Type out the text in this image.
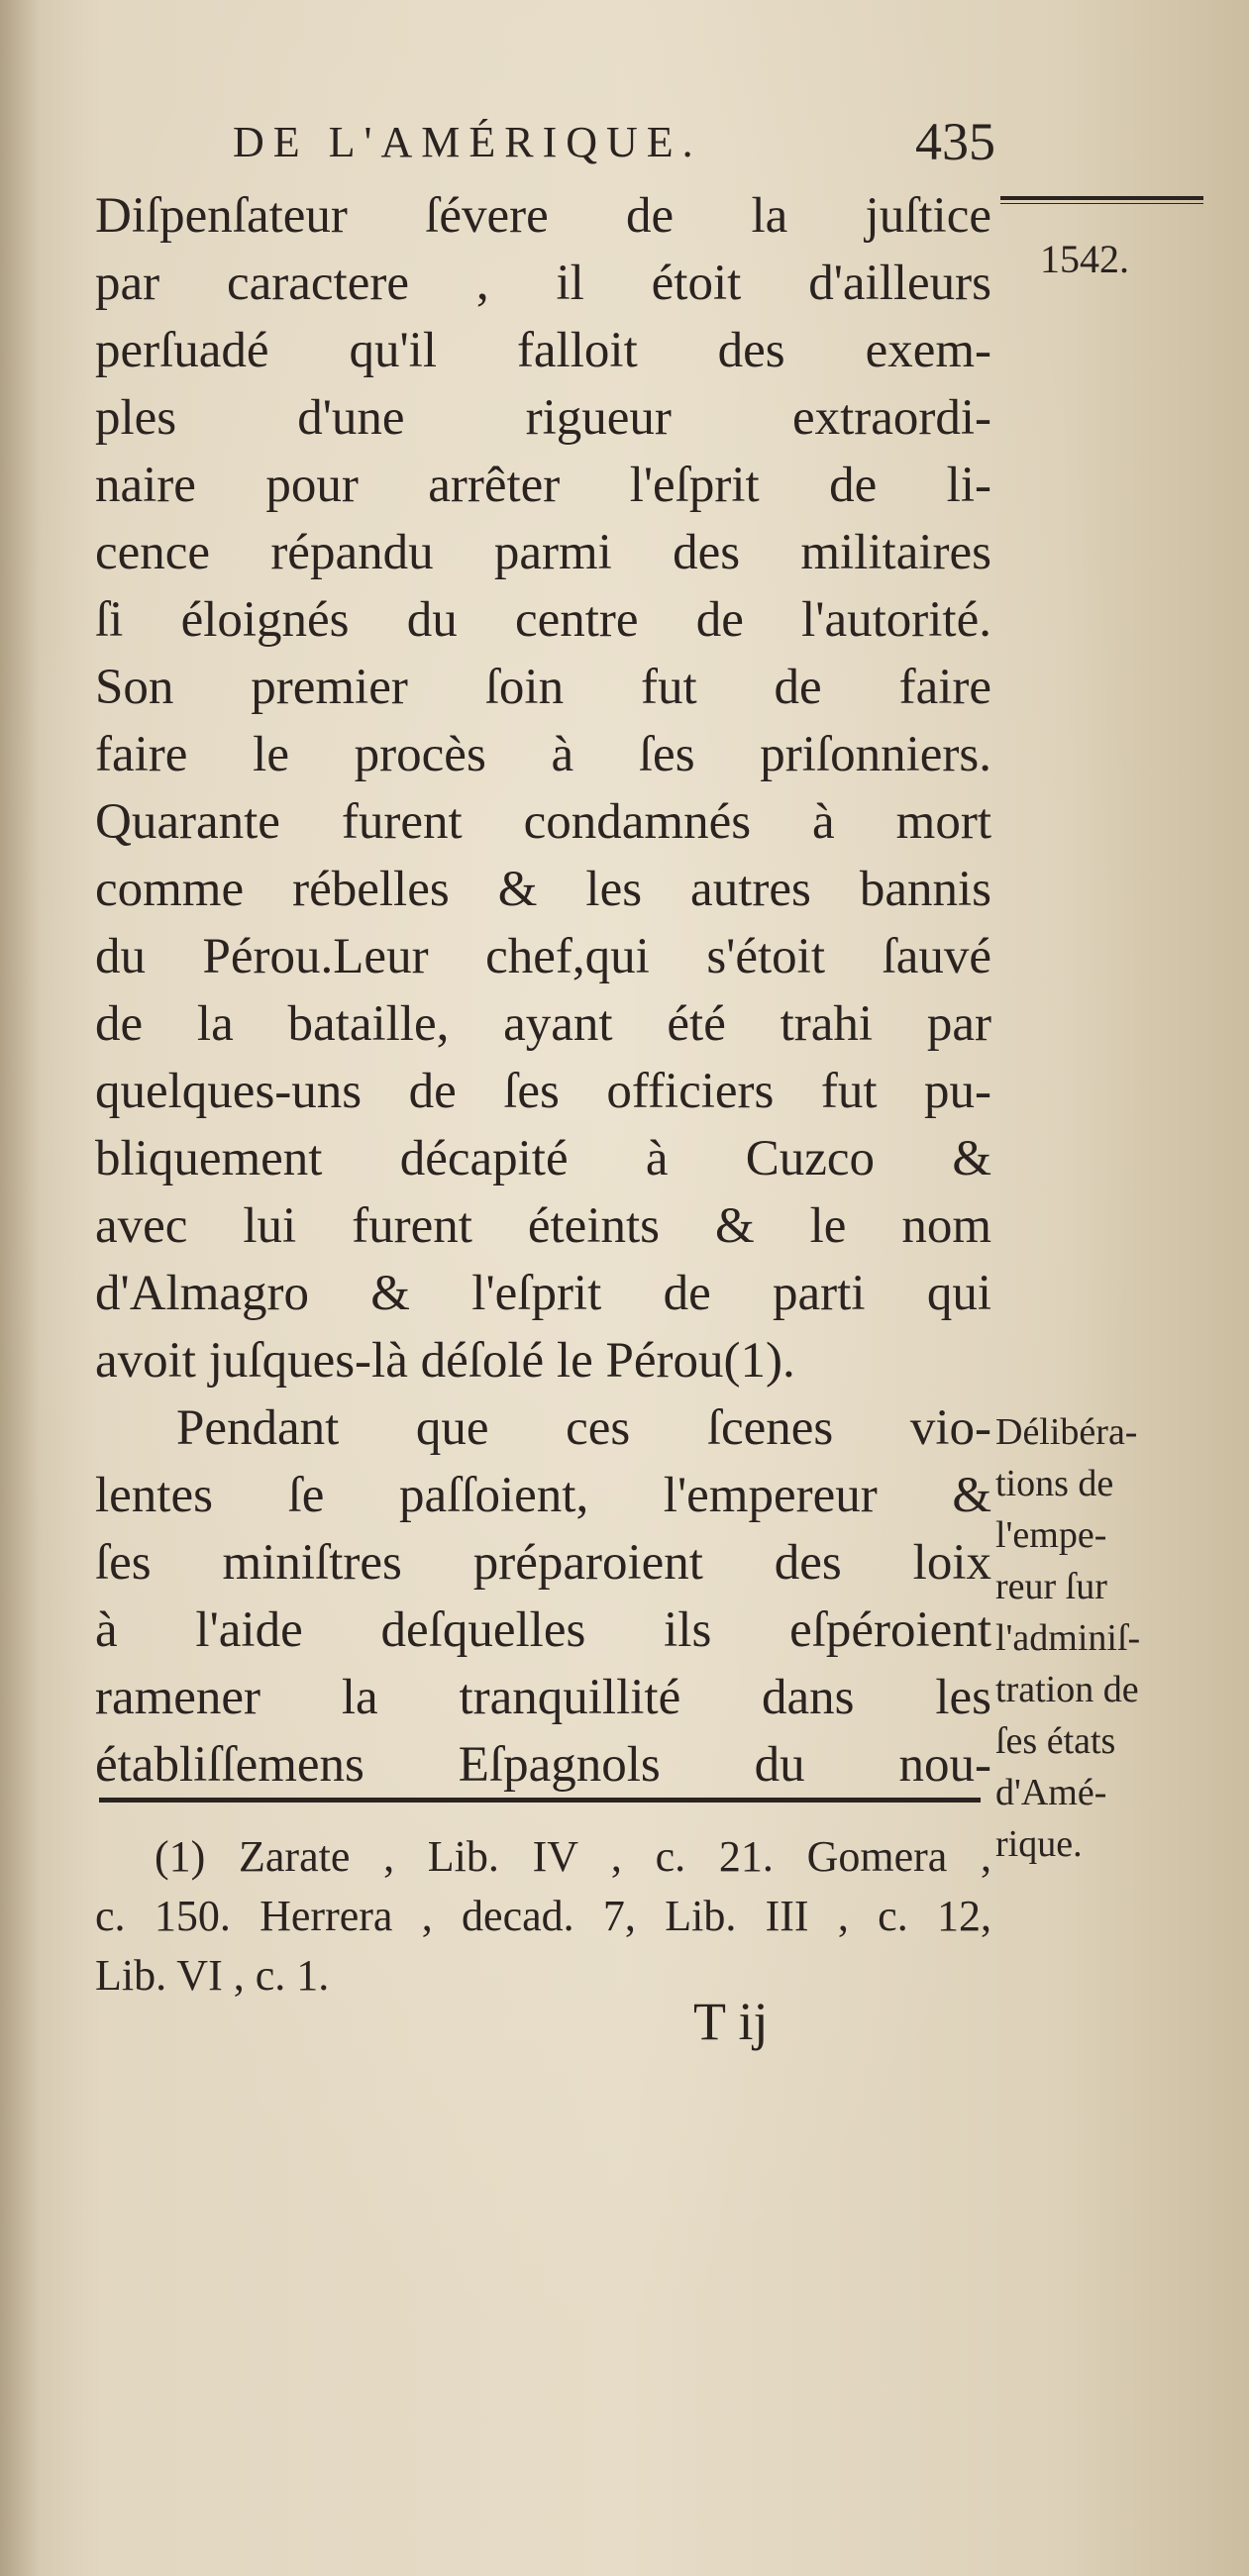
DE L'AMÉRIQUE.	435
1542.
Diſpenſateur ſévere de la juſtice
par caractere , il étoit d'ailleurs
perſuadé qu'il falloit des exem-
ples d'une rigueur extraordi-
naire pour arrêter l'eſprit de li-
cence répandu parmi des militaires
ſi éloignés du centre de l'autorité.
Son premier ſoin fut de faire
faire le procès à ſes priſonniers.
Quarante furent condamnés à mort
comme rébelles & les autres bannis
du Pérou.Leur chef,qui s'étoit ſauvé
de la bataille, ayant été trahi par
quelques-uns de ſes officiers fut pu-
bliquement décapité à Cuzco &
avec lui furent éteints & le nom
d'Almagro & l'eſprit de parti qui
avoit juſques-là déſolé le Pérou(1).
Pendant que ces ſcenes vio-
lentes ſe paſſoient, l'empereur &
ſes miniſtres préparoient des loix
à l'aide deſquelles ils eſpéroient
ramener la tranquillité dans les
établiſſemens Eſpagnols du nou-
Délibéra-
tions de
l'empe-
reur ſur
l'adminiſ-
tration de
ſes états
d'Amé-
rique.
(1) Zarate , Lib. IV , c. 21. Gomera ,
c. 150. Herrera , decad. 7, Lib. III , c. 12,
Lib. VI , c. 1.
T ij
